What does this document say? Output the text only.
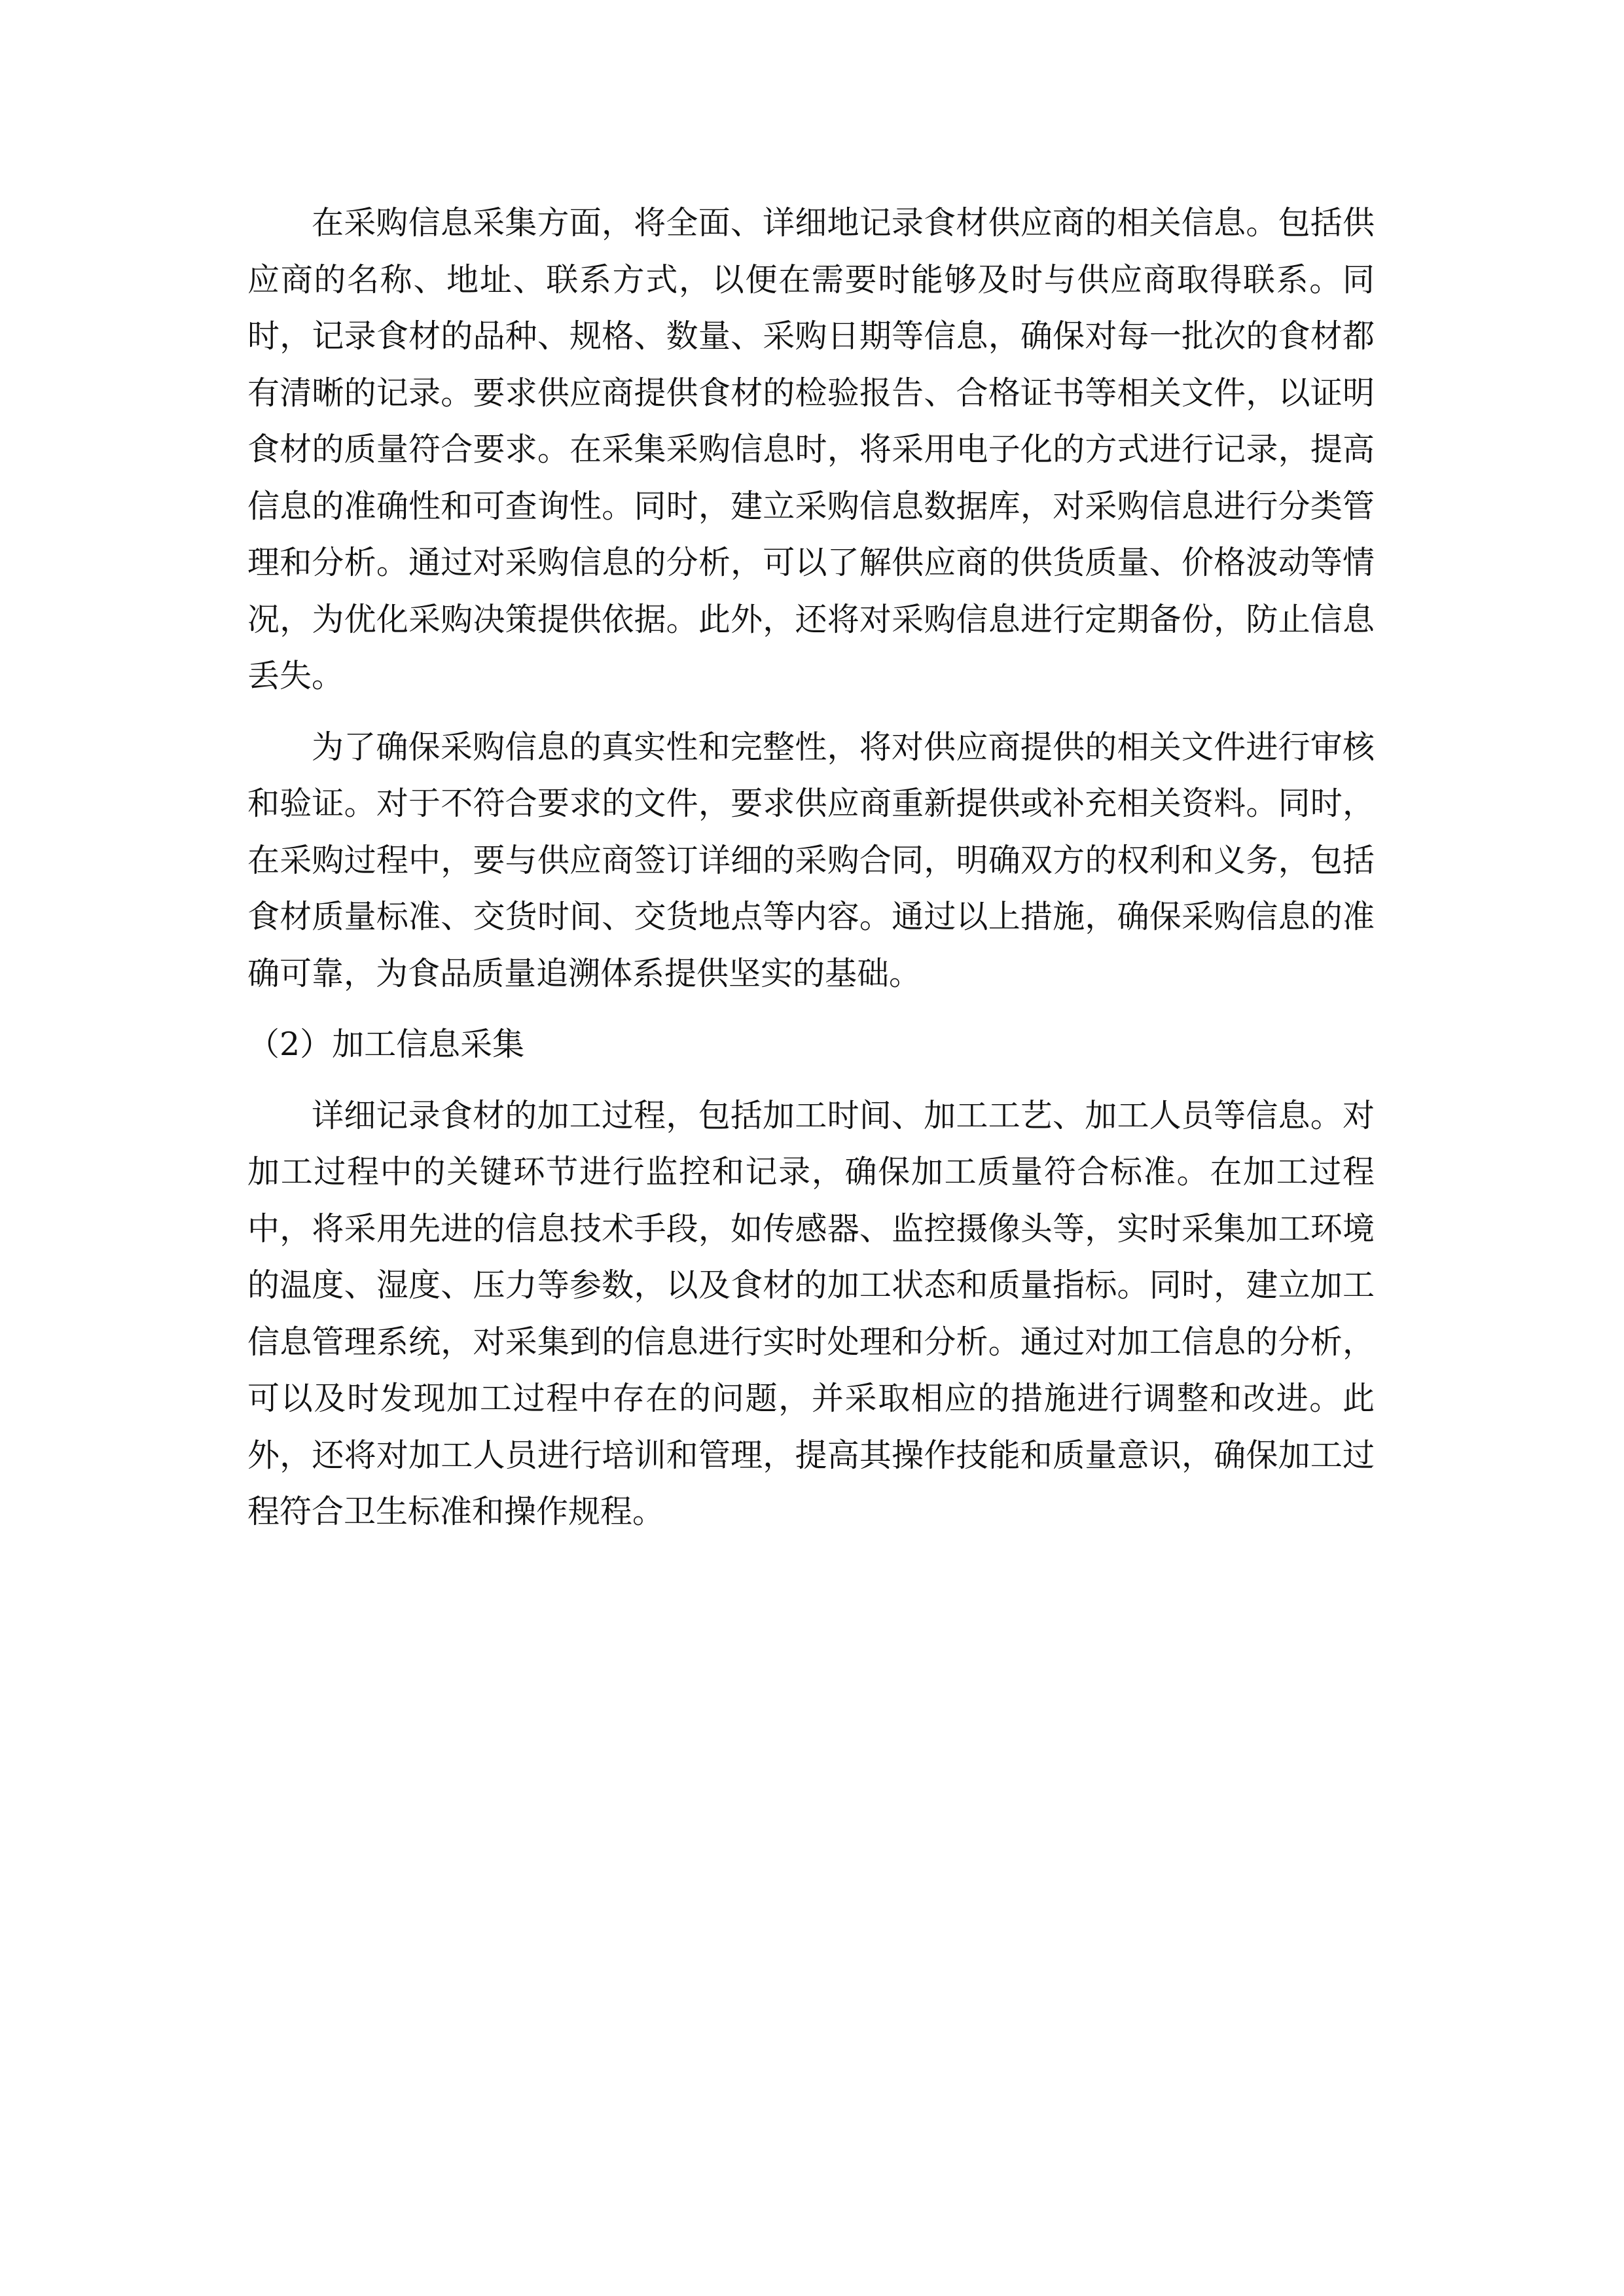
在采购信息采集方面，将全面、详细地记录食材供应商的相关信息。包括供应商的名称、地址、联系方式，以便在需要时能够及时与供应商取得联系。同时，记录食材的品种、规格、数量、采购日期等信息，确保对每一批次的食材都有清晰的记录。要求供应商提供食材的检验报告、合格证书等相关文件，以证明食材的质量符合要求。在采集采购信息时，将采用电子化的方式进行记录，提高信息的准确性和可查询性。同时，建立采购信息数据库，对采购信息进行分类管理和分析。通过对采购信息的分析，可以了解供应商的供货质量、价格波动等情况，为优化采购决策提供依据。此外，还将对采购信息进行定期备份，防止信息丢失。

为了确保采购信息的真实性和完整性，将对供应商提供的相关文件进行审核和验证。对于不符合要求的文件，要求供应商重新提供或补充相关资料。同时，在采购过程中，要与供应商签订详细的采购合同，明确双方的权利和义务，包括食材质量标准、交货时间、交货地点等内容。通过以上措施，确保采购信息的准确可靠，为食品质量追溯体系提供坚实的基础。

（2）加工信息采集

详细记录食材的加工过程，包括加工时间、加工工艺、加工人员等信息。对加工过程中的关键环节进行监控和记录，确保加工质量符合标准。在加工过程中，将采用先进的信息技术手段，如传感器、监控摄像头等，实时采集加工环境的温度、湿度、压力等参数，以及食材的加工状态和质量指标。同时，建立加工信息管理系统，对采集到的信息进行实时处理和分析。通过对加工信息的分析，可以及时发现加工过程中存在的问题，并采取相应的措施进行调整和改进。此外，还将对加工人员进行培训和管理，提高其操作技能和质量意识，确保加工过程符合卫生标准和操作规程。
